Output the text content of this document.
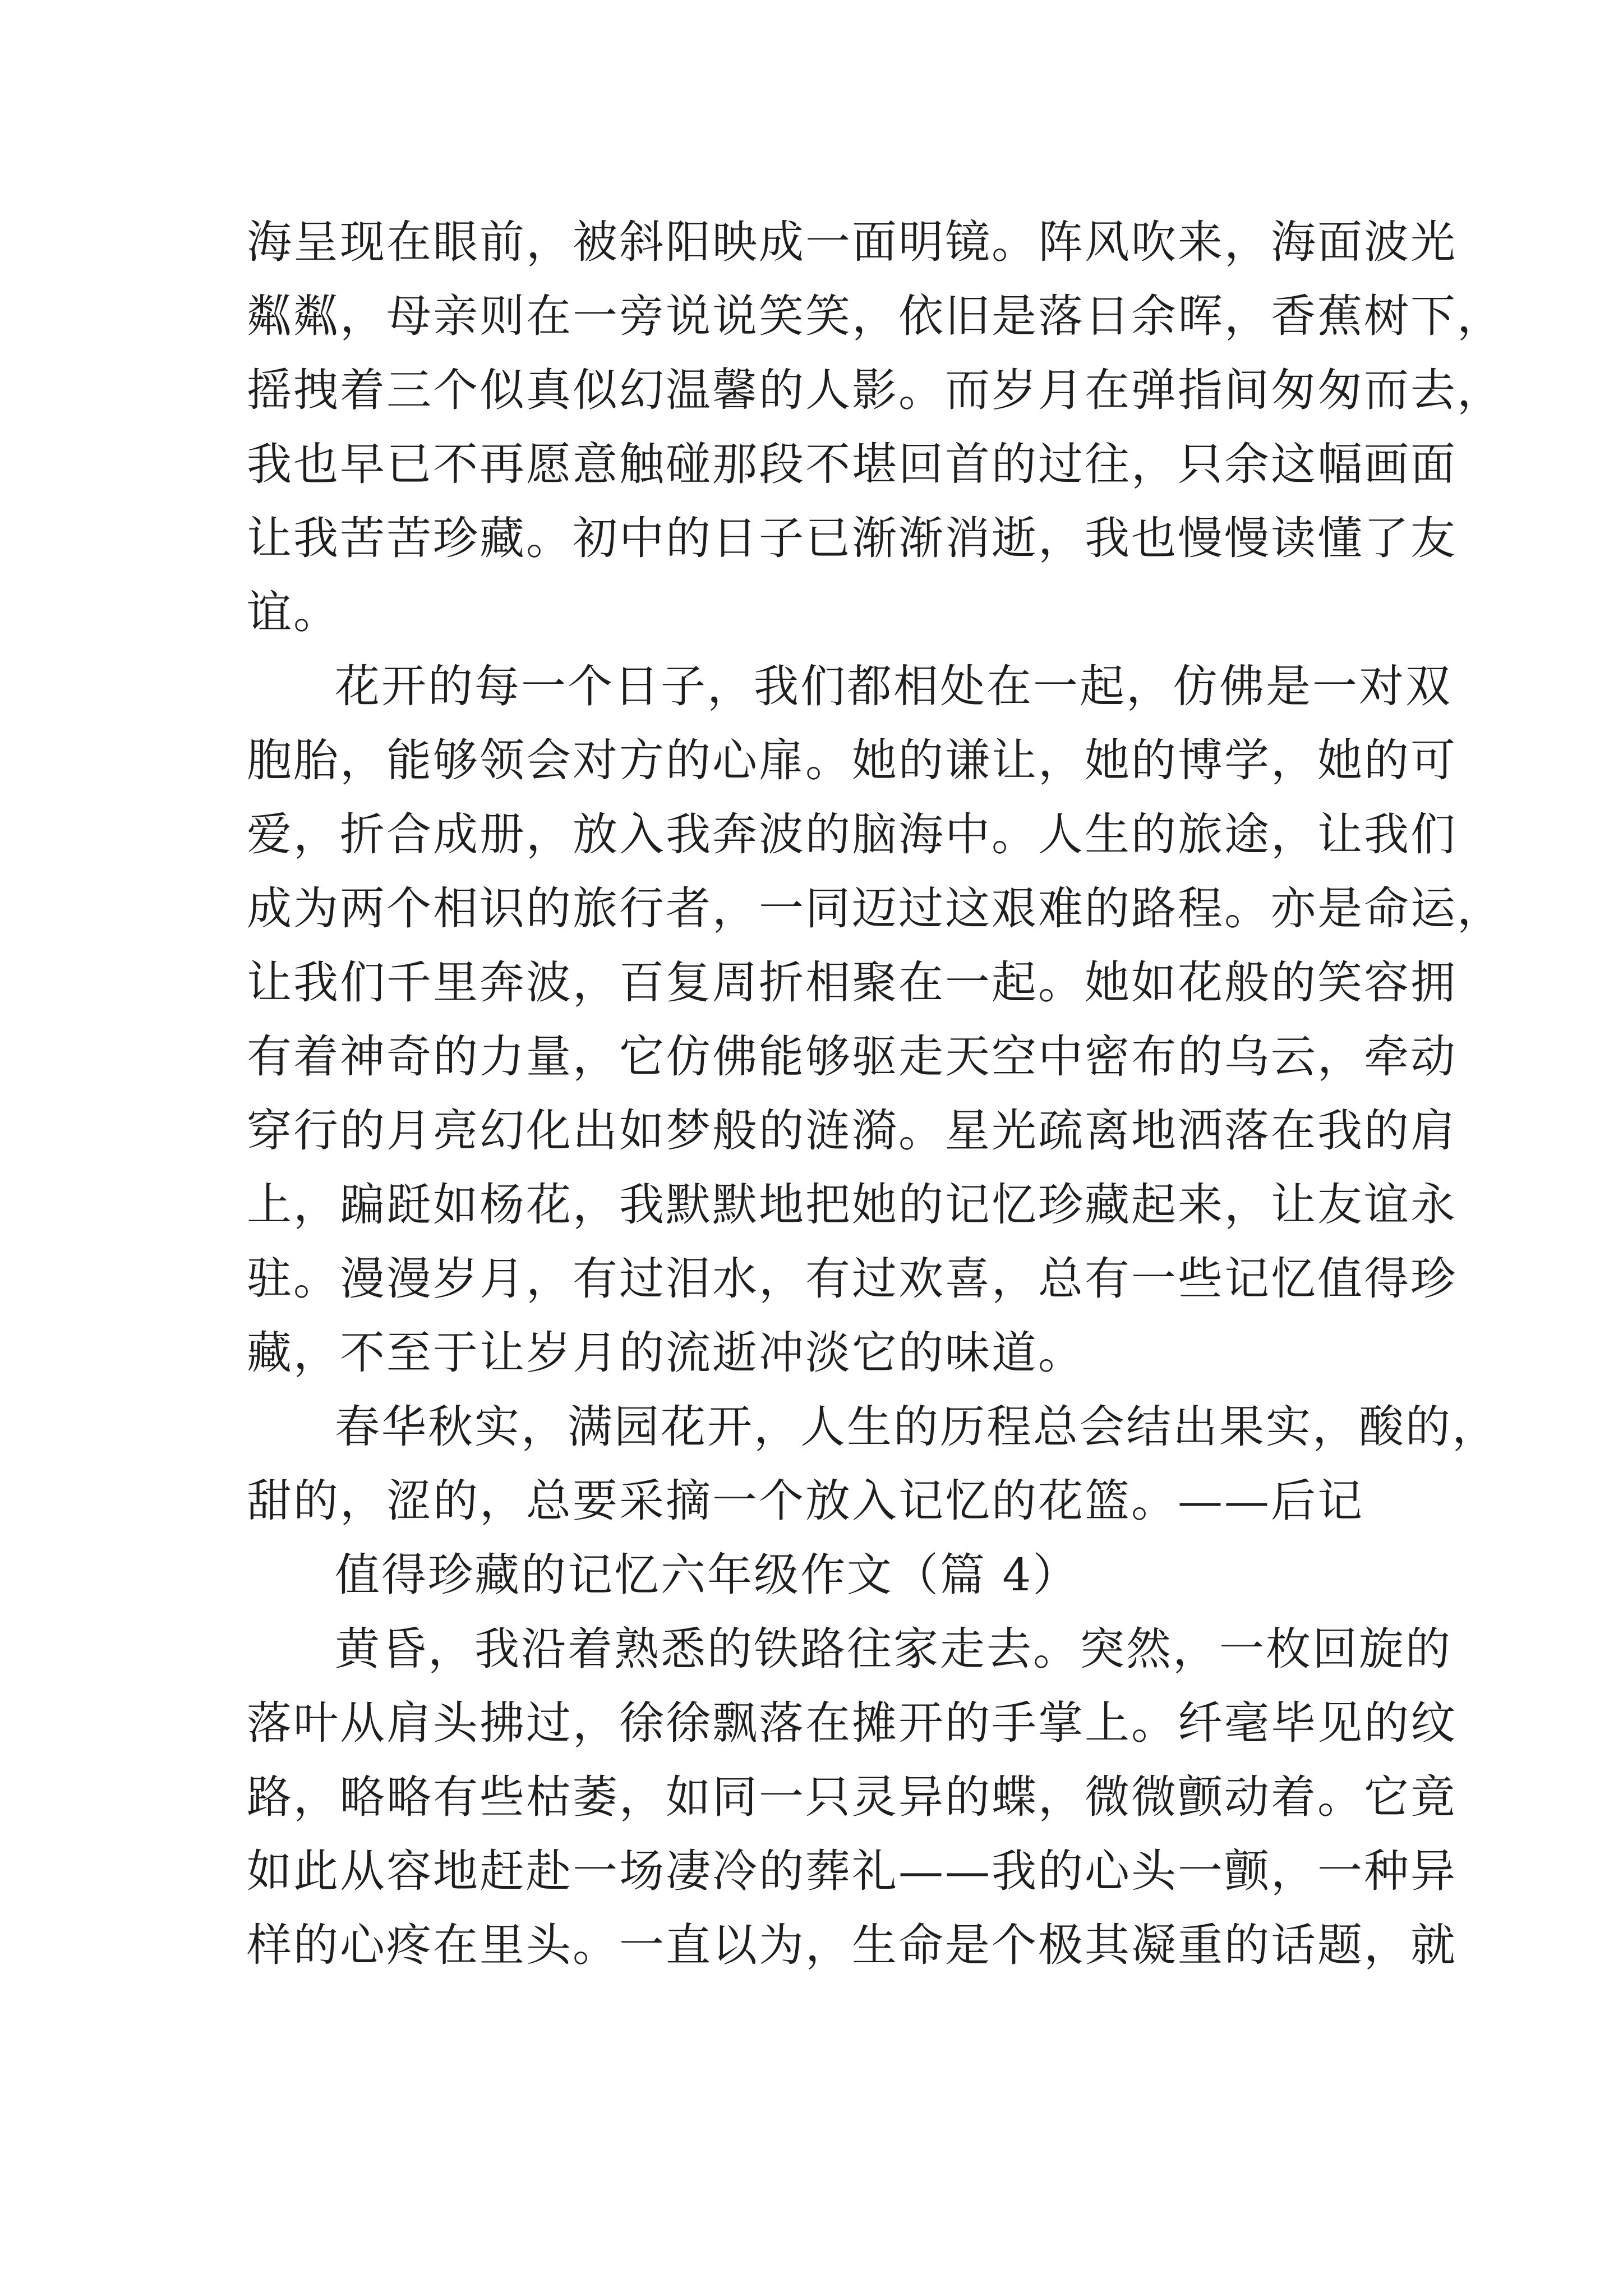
海呈现在眼前，被斜阳映成一面明镜。阵风吹来，海面波光
粼粼，母亲则在一旁说说笑笑，依旧是落日余晖，香蕉树下，
摇拽着三个似真似幻温馨的人影。而岁月在弹指间匆匆而去，
我也早已不再愿意触碰那段不堪回首的过往，只余这幅画面
让我苦苦珍藏。初中的日子已渐渐消逝，我也慢慢读懂了友
谊。
花开的每一个日子，我们都相处在一起，仿佛是一对双
胞胎，能够领会对方的心扉。她的谦让，她的博学，她的可
爱，折合成册，放入我奔波的脑海中。人生的旅途，让我们
成为两个相识的旅行者，一同迈过这艰难的路程。亦是命运，
让我们千里奔波，百复周折相聚在一起。她如花般的笑容拥
有着神奇的力量，它仿佛能够驱走天空中密布的乌云，牵动
穿行的月亮幻化出如梦般的涟漪。星光疏离地洒落在我的肩
上，蹁跹如杨花，我默默地把她的记忆珍藏起来，让友谊永
驻。漫漫岁月，有过泪水，有过欢喜，总有一些记忆值得珍
藏，不至于让岁月的流逝冲淡它的味道。
春华秋实，满园花开，人生的历程总会结出果实，酸的，
甜的，涩的，总要采摘一个放入记忆的花篮。——后记
值得珍藏的记忆六年级作文（篇 4）
黄昏，我沿着熟悉的铁路往家走去。突然，一枚回旋的
落叶从肩头拂过，徐徐飘落在摊开的手掌上。纤毫毕见的纹
路，略略有些枯萎，如同一只灵异的蝶，微微颤动着。它竟
如此从容地赶赴一场凄冷的葬礼——我的心头一颤，一种异
样的心疼在里头。一直以为，生命是个极其凝重的话题，就
